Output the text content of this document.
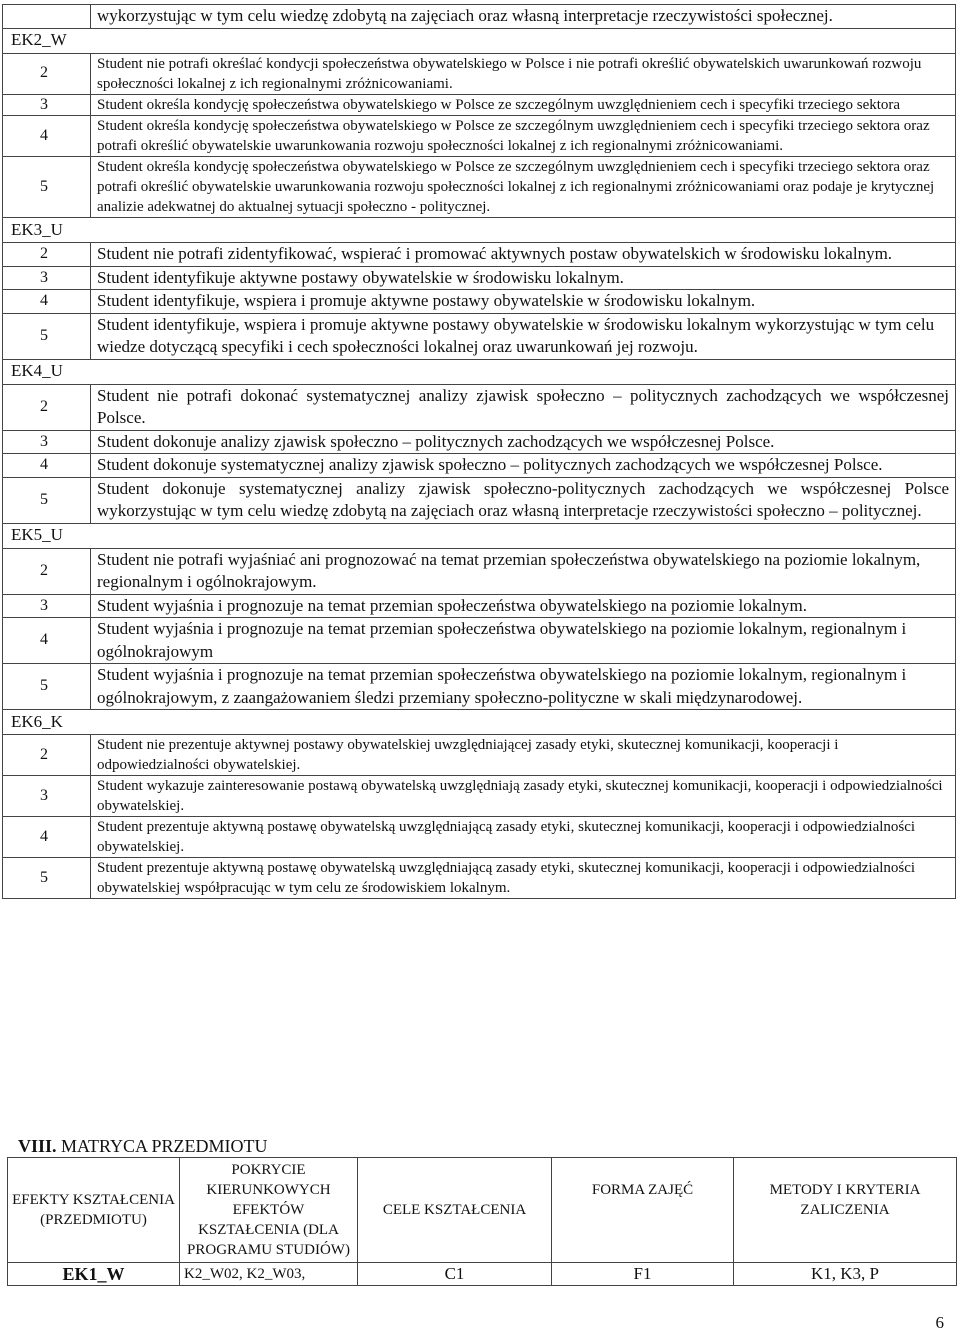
	wykorzystując w tym celu wiedzę zdobytą na zajęciach oraz własną interpretacje rzeczywistości społecznej.
EK2_W	
2	Student nie potrafi określać kondycji społeczeństwa obywatelskiego w Polsce i nie potrafi określić obywatelskich uwarunkowań rozwoju społeczności lokalnej z ich regionalnymi zróżnicowaniami.
3	Student określa kondycję społeczeństwa obywatelskiego w Polsce ze szczególnym uwzględnieniem cech i specyfiki trzeciego sektora
4	Student określa kondycję społeczeństwa obywatelskiego w Polsce ze szczególnym uwzględnieniem cech i specyfiki trzeciego sektora oraz potrafi określić obywatelskie uwarunkowania rozwoju społeczności lokalnej z ich regionalnymi zróżnicowaniami.
5	Student określa kondycję społeczeństwa obywatelskiego w Polsce ze szczególnym uwzględnieniem cech i specyfiki trzeciego sektora oraz potrafi określić obywatelskie uwarunkowania rozwoju społeczności lokalnej z ich regionalnymi zróżnicowaniami oraz podaje je krytycznej analizie adekwatnej do aktualnej sytuacji społeczno - politycznej.
EK3_U	
2	Student nie potrafi zidentyfikować, wspierać i promować aktywnych postaw obywatelskich w środowisku lokalnym.
3	Student identyfikuje aktywne postawy obywatelskie w środowisku lokalnym.
4	Student identyfikuje, wspiera i promuje aktywne postawy obywatelskie w środowisku lokalnym.
5	Student identyfikuje, wspiera i promuje aktywne postawy obywatelskie w środowisku lokalnym wykorzystując w tym celu wiedze dotyczącą specyfiki i cech społeczności lokalnej oraz uwarunkowań jej rozwoju.
EK4_U	
2	Student nie potrafi dokonać systematycznej analizy zjawisk społeczno – politycznych zachodzących we współczesnej Polsce.
3	Student dokonuje analizy zjawisk społeczno – politycznych zachodzących we współczesnej Polsce.
4	Student dokonuje systematycznej analizy zjawisk społeczno – politycznych zachodzących we współczesnej Polsce.
5	Student dokonuje systematycznej analizy zjawisk społeczno-politycznych zachodzących we współczesnej Polsce wykorzystując w tym celu wiedzę zdobytą na zajęciach oraz własną interpretacje rzeczywistości społeczno – politycznej.
EK5_U	
2	Student nie potrafi wyjaśniać ani prognozować na temat przemian społeczeństwa obywatelskiego na poziomie lokalnym, regionalnym i ogólnokrajowym.
3	Student wyjaśnia i prognozuje na temat przemian społeczeństwa obywatelskiego na poziomie lokalnym.
4	Student wyjaśnia i prognozuje na temat przemian społeczeństwa obywatelskiego na poziomie lokalnym, regionalnym i ogólnokrajowym
5	Student wyjaśnia i prognozuje na temat przemian społeczeństwa obywatelskiego na poziomie lokalnym, regionalnym i ogólnokrajowym, z zaangażowaniem śledzi przemiany społeczno-polityczne w skali międzynarodowej.
EK6_K	
2	Student nie prezentuje aktywnej postawy obywatelskiej uwzględniającej zasady etyki, skutecznej komunikacji, kooperacji i odpowiedzialności obywatelskiej.
3	Student wykazuje zainteresowanie postawą obywatelską uwzględniają zasady etyki, skutecznej komunikacji, kooperacji i odpowiedzialności obywatelskiej.
4	Student prezentuje aktywną postawę obywatelską uwzględniającą zasady etyki, skutecznej komunikacji, kooperacji i odpowiedzialności obywatelskiej.
5	Student prezentuje aktywną postawę obywatelską uwzględniającą zasady etyki, skutecznej komunikacji, kooperacji i odpowiedzialności obywatelskiej współpracując w tym celu ze środowiskiem lokalnym.
VIII. MATRYCA PRZEDMIOTU
EFEKTY KSZTAŁCENIA (PRZEDMIOTU)	POKRYCIE KIERUNKOWYCH EFEKTÓW KSZTAŁCENIA (DLA PROGRAMU STUDIÓW)	CELE KSZTAŁCENIA	FORMA ZAJĘĆ	METODY I KRYTERIA ZALICZENIA
EK1_W	K2_W02, K2_W03,	C1	F1	K1, K3, P
6
